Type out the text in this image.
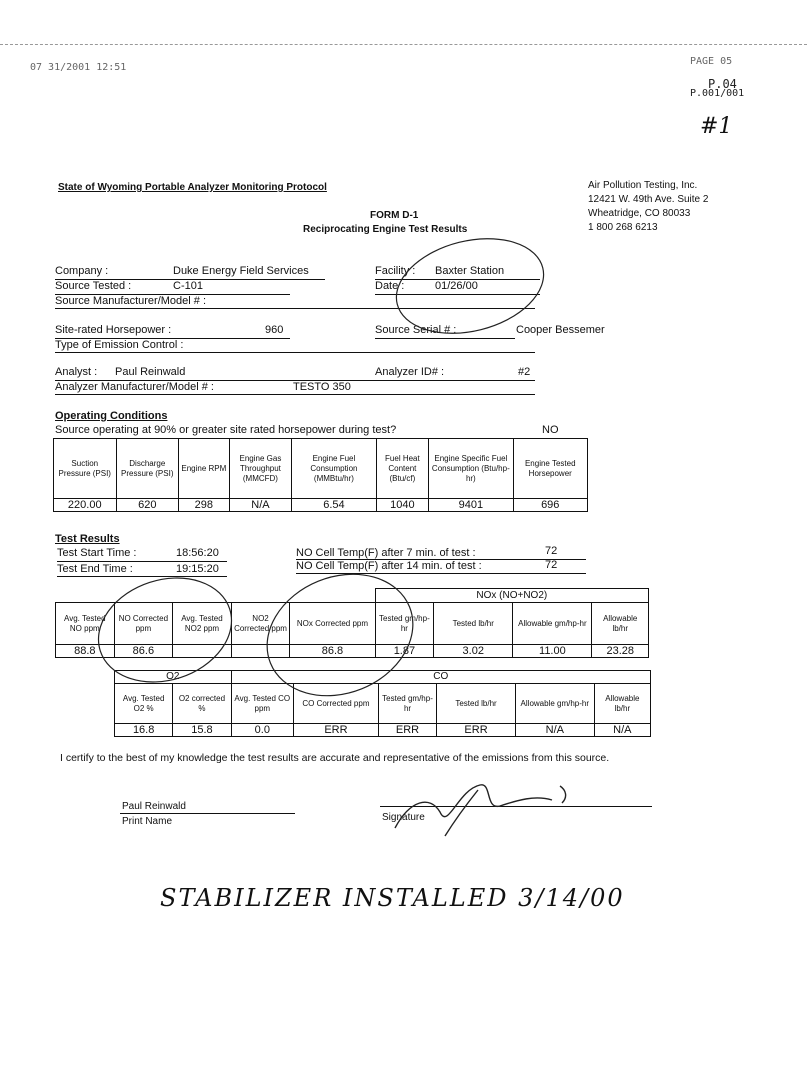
07 31/2001 12:51
PAGE 05
P.04
P.001/001
#1
State of Wyoming Portable Analyzer Monitoring Protocol	Air Pollution Testing, Inc.
12421 W. 49th Ave. Suite 2
Wheatridge, CO 80033
1 800 268 6213
FORM D-1
Reciprocating Engine Test Results
Company :	Duke Energy Field Services	Facility : Baxter Station
Source Tested :	C-101	Date :	01/26/00
Source Manufacturer/Model # :
Site-rated Horsepower :	960	Source Serial # :	Cooper Bessemer
Type of Emission Control :
Analyst : Paul Reinwald	Analyzer ID# :	#2
Analyzer Manufacturer/Model # :	TESTO 350
Operating Conditions
Source operating at 90% or greater site rated horsepower during test?	NO
Suction Pressure (PSI)	Discharge Pressure (PSI)	Engine RPM	Engine Gas Throughput (MMCFD)	Engine Fuel Consumption (MMBtu/hr)	Fuel Heat Content (Btu/cf)	Engine Specific Fuel Consumption (Btu/hp-hr)	Engine Tested Horsepower
220.00	620	298	N/A	6.54	1040	9401	696
Test Results
Test Start Time :	18:56:20	NO Cell Temp(F) after 7 min. of test :	72
Test End Time :	19:15:20	NO Cell Temp(F) after 14 min. of test :	72
					NOx (NO+NO2)			
Avg. Tested NO ppm	NO Corrected ppm	Avg. Tested NO2 ppm	NO2 Corrected ppm	NOx Corrected ppm	Tested gm/hp-hr	Tested lb/hr	Allowable gm/hp-hr	Allowable lb/hr
88.8	86.6			86.8	1.87	3.02	11.00	23.28
O2		CO					
Avg. Tested O2 %	O2 corrected %	Avg. Tested CO ppm	CO Corrected ppm	Tested gm/hp-hr	Tested lb/hr	Allowable gm/hp-hr	Allowable lb/hr
16.8	15.8	0.0	ERR	ERR	ERR	N/A	N/A
I certify to the best of my knowledge the test results are accurate and representative of the emissions from this source.
Paul Reinwald
Print Name	Signature
STABILIZER INSTALLED 3/14/00
